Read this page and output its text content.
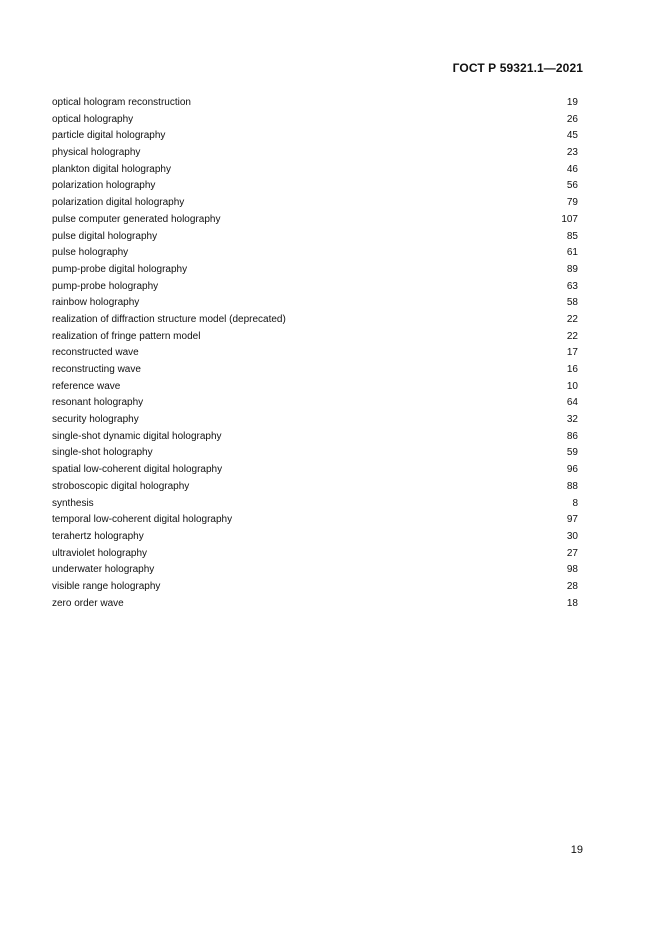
ГОСТ Р 59321.1—2021
optical hologram reconstruction	19
optical holography	26
particle digital holography	45
physical holography	23
plankton digital holography	46
polarization holography	56
polarization digital holography	79
pulse computer generated holography	107
pulse digital holography	85
pulse holography	61
pump-probe digital holography	89
pump-probe holography	63
rainbow holography	58
realization of diffraction structure model (deprecated)	22
realization of fringe pattern model	22
reconstructed wave	17
reconstructing wave	16
reference wave	10
resonant holography	64
security holography	32
single-shot dynamic digital holography	86
single-shot holography	59
spatial low-coherent digital holography	96
stroboscopic digital holography	88
synthesis	8
temporal low-coherent digital holography	97
terahertz holography	30
ultraviolet holography	27
underwater holography	98
visible range holography	28
zero order wave	18
19
